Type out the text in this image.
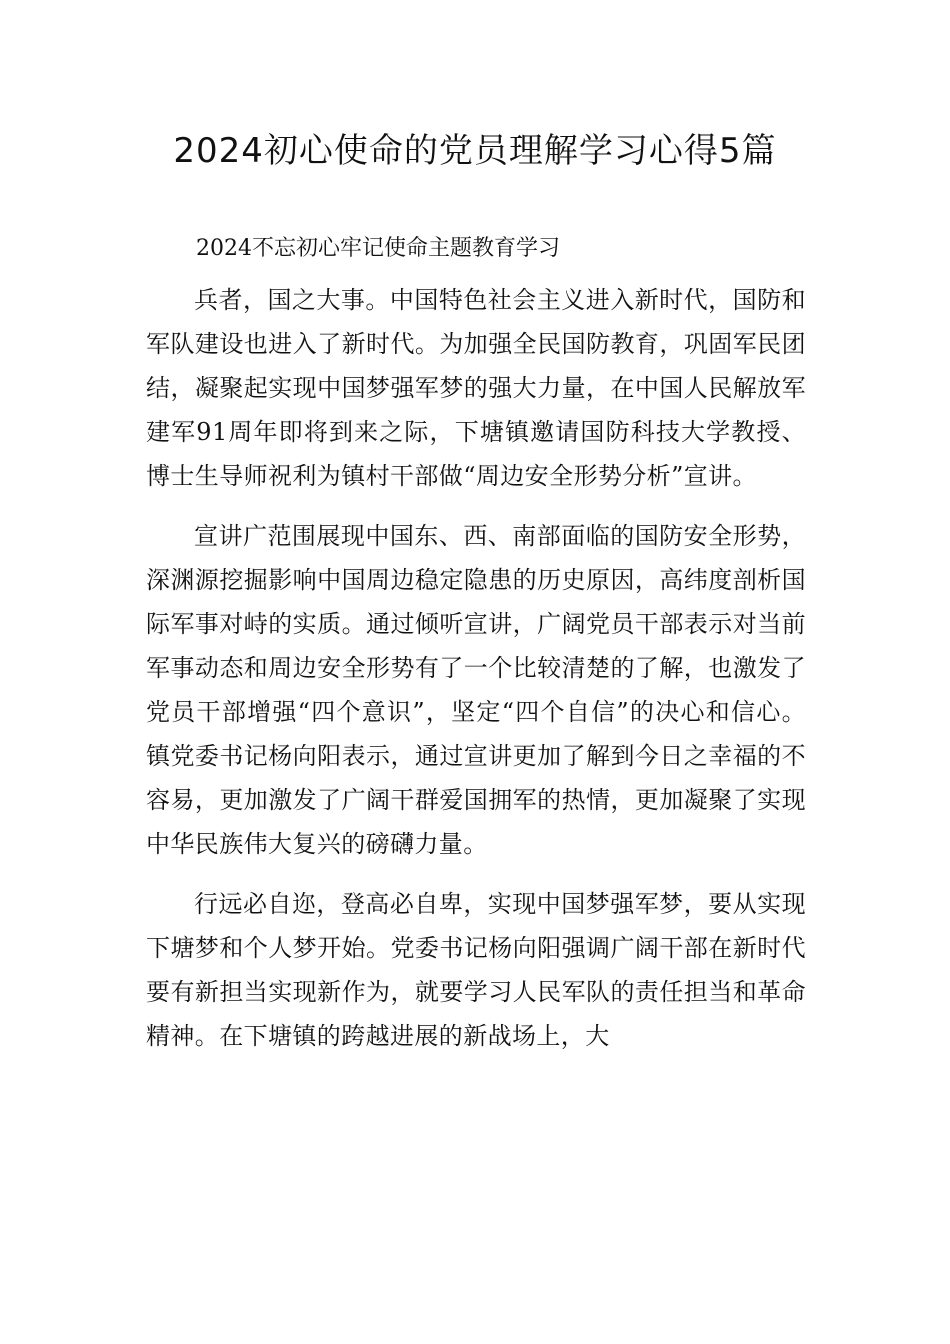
2024初心使命的党员理解学习心得5篇

2024不忘初心牢记使命主题教育学习

兵者，国之大事。中国特色社会主义进入新时代，国防和军队建设也进入了新时代。为加强全民国防教育，巩固军民团结，凝聚起实现中国梦强军梦的强大力量，在中国人民解放军建军91周年即将到来之际，下塘镇邀请国防科技大学教授、博士生导师祝利为镇村干部做“周边安全形势分析”宣讲。

宣讲广范围展现中国东、西、南部面临的国防安全形势，深渊源挖掘影响中国周边稳定隐患的历史原因，高纬度剖析国际军事对峙的实质。通过倾听宣讲，广阔党员干部表示对当前军事动态和周边安全形势有了一个比较清楚的了解，也激发了党员干部增强“四个意识”，坚定“四个自信”的决心和信心。镇党委书记杨向阳表示，通过宣讲更加了解到今日之幸福的不容易，更加激发了广阔干群爱国拥军的热情，更加凝聚了实现中华民族伟大复兴的磅礴力量。

行远必自迩，登高必自卑，实现中国梦强军梦，要从实现下塘梦和个人梦开始。党委书记杨向阳强调广阔干部在新时代要有新担当实现新作为，就要学习人民军队的责任担当和革命精神。在下塘镇的跨越进展的新战场上，大
